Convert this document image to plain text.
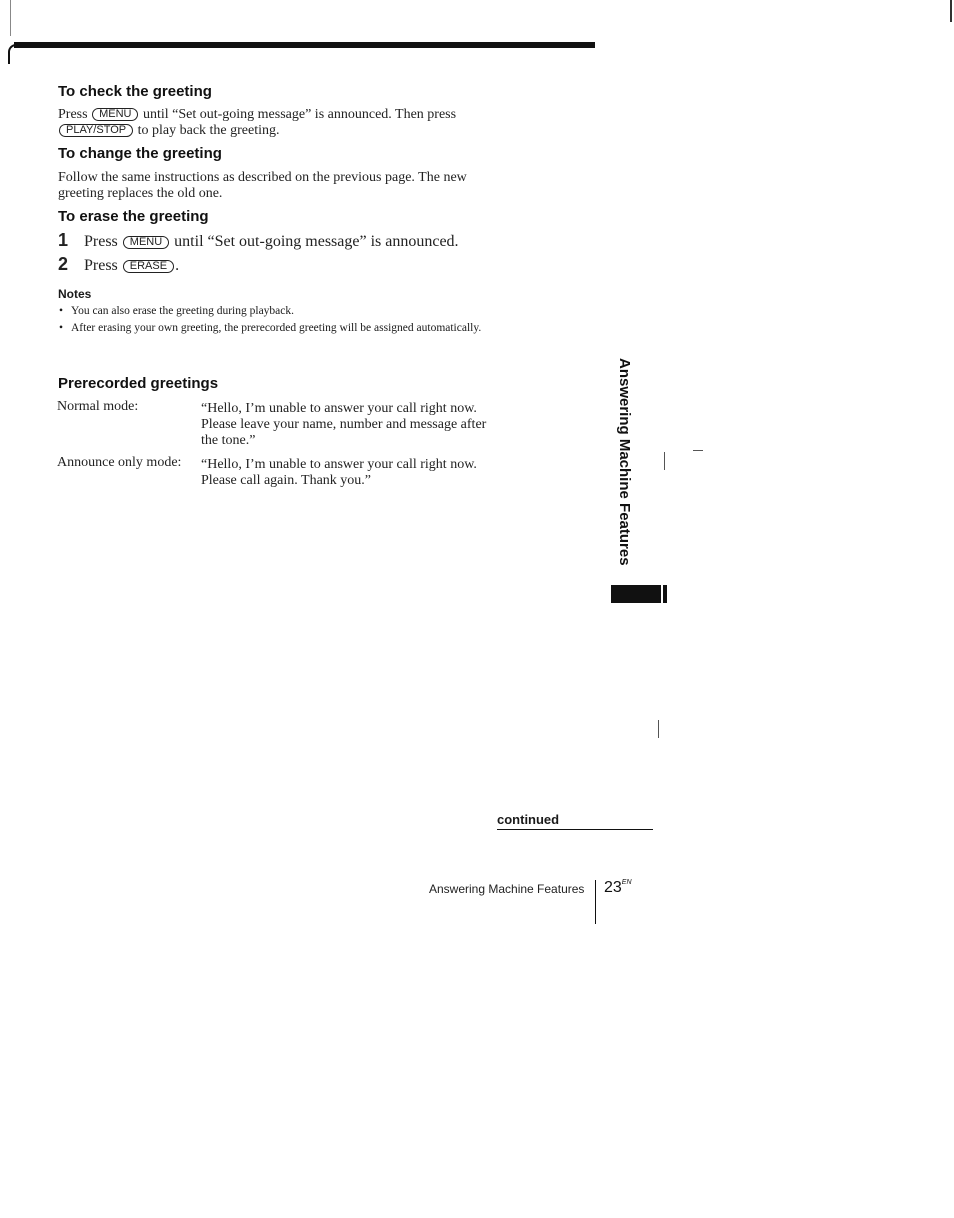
To check the greeting

Press MENU until “Set out-going message” is announced. Then press

PLAY/STOP to play back the greeting.

To change the greeting

Follow the same instructions as described on the previous page. The new greeting replaces the old one.

To erase the greeting
1 Press MENU until “Set out-going message” is announced.
2 Press ERASE .
Notes
• You can also erase the greeting during playback.
• After erasing your own greeting, the prerecorded greeting will be assigned automatically.
Prerecorded greetings
Normal mode:	“Hello, I’m unable to answer your call right now. Please leave your name, number and message after the tone.”
Announce only mode: “Hello, I’m unable to answer your call right now. Please call again. Thank you.”	Answering Machine Features
continued
Answering Machine Features $23^{EN}$
